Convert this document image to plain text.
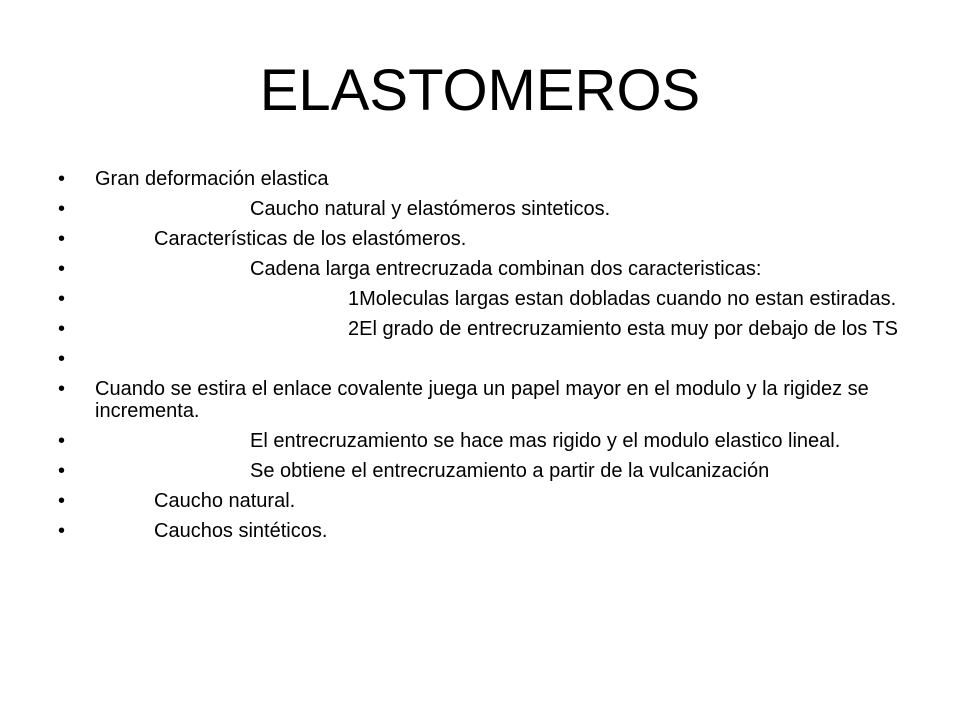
ELASTOMEROS
•	Gran deformación elastica
•	Caucho natural y elastómeros sinteticos.
•	Características de los elastómeros.
•	Cadena larga entrecruzada combinan dos caracteristicas:
•	1Moleculas largas estan dobladas cuando no estan estiradas.
•	2El grado de entrecruzamiento esta muy por debajo de los TS
•

•	Cuando se estira el enlace covalente juega un papel mayor en el modulo y la rigidez se incrementa.
•	El entrecruzamiento se hace mas rigido y el modulo elastico lineal.
•	Se obtiene el entrecruzamiento a partir de la vulcanización
•	Caucho natural.
•	Cauchos sintéticos.
